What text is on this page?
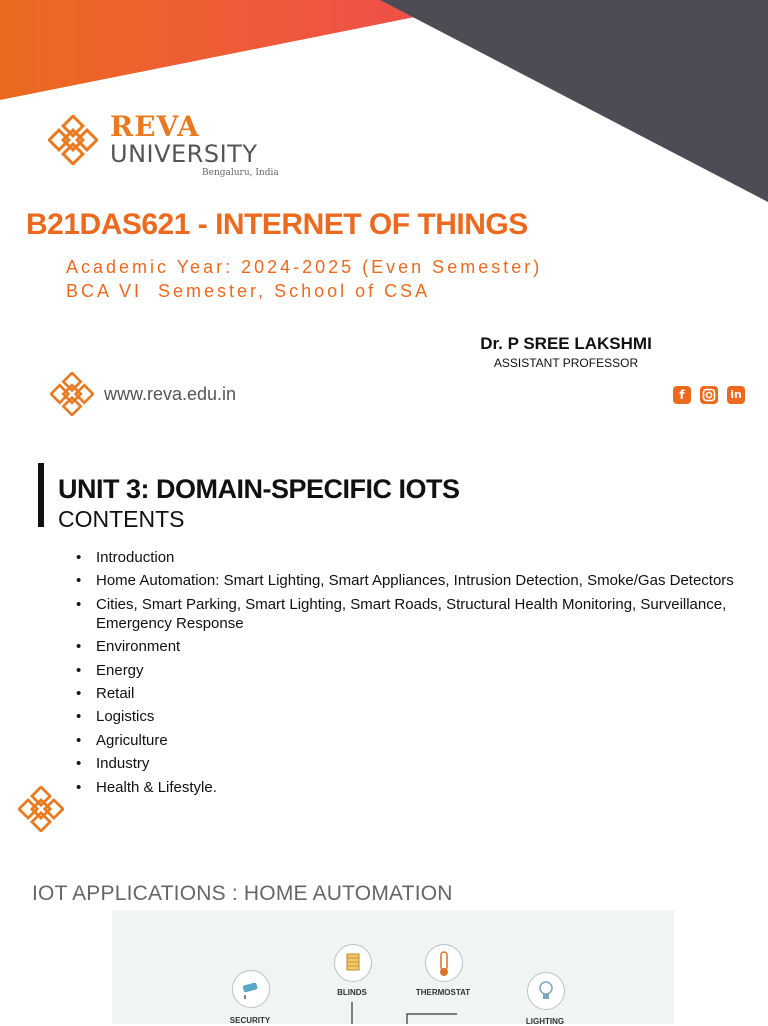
REVA
UNIVERSITY
Bengaluru, India
B21DAS621 - INTERNET OF THINGS
Academic Year: 2024-2025 (Even Semester)
BCA VI  Semester, School of CSA
Dr. P SREE LAKSHMI
ASSISTANT PROFESSOR
www.reva.edu.in	f	in
UNIT 3: DOMAIN-SPECIFIC IOTS
CONTENTS
• Introduction
• Home Automation: Smart Lighting, Smart Appliances, Intrusion Detection, Smoke/Gas Detectors
• Cities, Smart Parking, Smart Lighting, Smart Roads, Structural Health Monitoring, Surveillance, Emergency Response
• Environment
• Energy
• Retail
• Logistics
• Agriculture
• Industry
• Health & Lifestyle.
IOT APPLICATIONS : HOME AUTOMATION
SECURITY
BLINDS	THERMOSTAT
LIGHTING
